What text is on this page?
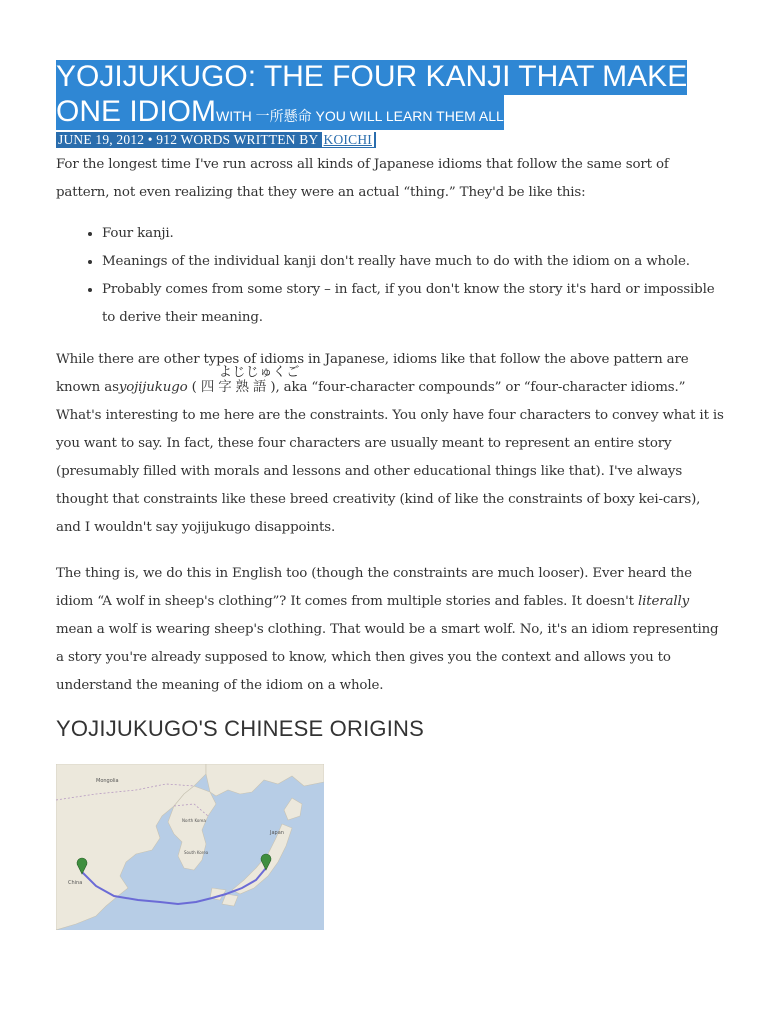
YOJIJUKUGO: THE FOUR KANJI THAT MAKE
ONE IDIOMWITH 一所懸命 YOU WILL LEARN THEM ALL
JUNE 19, 2012 • 912 WORDS WRITTEN BY KOICHI

For the longest time I've run across all kinds of Japanese idioms that follow the same sort of pattern, not even realizing that they were an actual “thing.” They'd be like this:

• Four kanji.
• Meanings of the individual kanji don't really have much to do with the idiom on a whole.
• Probably comes from some story – in fact, if you don't know the story it's hard or impossible to derive their meaning.

While there are other types of idioms in Japanese, idioms like that follow the above pattern are known asyojijukugo (
よじじゅくご
四字熟語), aka “four-character compounds” or “four-character idioms.”

What's interesting to me here are the constraints. You only have four characters to convey what it is you want to say. In fact, these four characters are usually meant to represent an entire story (presumably filled with morals and lessons and other educational things like that). I've always thought that constraints like these breed creativity (kind of like the constraints of boxy kei-cars), and I wouldn't say yojijukugo disappoints.

The thing is, we do this in English too (though the constraints are much looser). Ever heard the idiom “A wolf in sheep's clothing”? It comes from multiple stories and fables. It doesn't literally mean a wolf is wearing sheep's clothing. That would be a smart wolf. No, it's an idiom representing a story you're already supposed to know, which then gives you the context and allows you to understand the meaning of the idiom on a whole.

YOJIJUKUGO'S CHINESE ORIGINS
Mongolia
China
North Korea
South Korea
Japan
